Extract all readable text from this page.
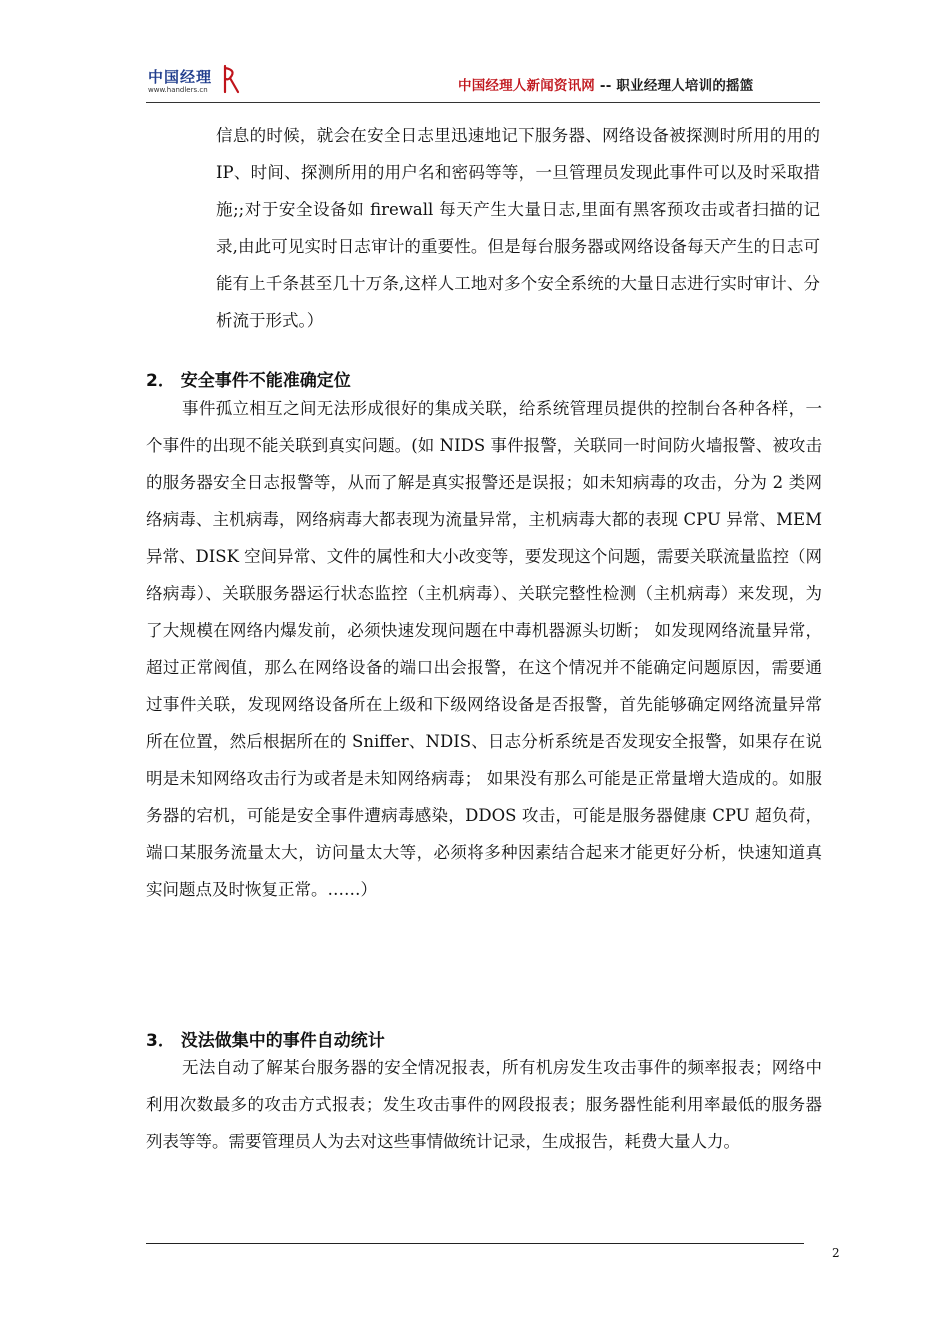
中国经理
www.handlers.cn	中国经理人新闻资讯网 -- 职业经理人培训的摇篮

信息的时候，就会在安全日志里迅速地记下服务器、网络设备被探测时所用的用的 IP、时间、探测所用的用户名和密码等等，一旦管理员发现此事件可以及时采取措施;;对于安全设备如 firewall 每天产生大量日志,里面有黑客预攻击或者扫描的记录,由此可见实时日志审计的重要性。但是每台服务器或网络设备每天产生的日志可能有上千条甚至几十万条,这样人工地对多个安全系统的大量日志进行实时审计、分析流于形式。）

2． 安全事件不能准确定位

事件孤立相互之间无法形成很好的集成关联，给系统管理员提供的控制台各种各样，一个事件的出现不能关联到真实问题。(如 NIDS 事件报警，关联同一时间防火墙报警、被攻击的服务器安全日志报警等，从而了解是真实报警还是误报；如未知病毒的攻击，分为 2 类网络病毒、主机病毒，网络病毒大都表现为流量异常，主机病毒大都的表现 CPU 异常、MEM 异常、DISK 空间异常、文件的属性和大小改变等，要发现这个问题，需要关联流量监控（网络病毒）、关联服务器运行状态监控（主机病毒）、关联完整性检测（主机病毒）来发现，为了大规模在网络内爆发前，必须快速发现问题在中毒机器源头切断； 如发现网络流量异常，超过正常阀值，那么在网络设备的端口出会报警，在这个情况并不能确定问题原因，需要通过事件关联，发现网络设备所在上级和下级网络设备是否报警，首先能够确定网络流量异常所在位置，然后根据所在的 Sniffer、NDIS、日志分析系统是否发现安全报警，如果存在说明是未知网络攻击行为或者是未知网络病毒； 如果没有那么可能是正常量增大造成的。如服务器的宕机，可能是安全事件遭病毒感染，DDOS 攻击，可能是服务器健康 CPU 超负荷，端口某服务流量太大，访问量太大等，必须将多种因素结合起来才能更好分析，快速知道真实问题点及时恢复正常。……）

3． 没法做集中的事件自动统计

无法自动了解某台服务器的安全情况报表，所有机房发生攻击事件的频率报表；网络中利用次数最多的攻击方式报表；发生攻击事件的网段报表；服务器性能利用率最低的服务器列表等等。需要管理员人为去对这些事情做统计记录，生成报告，耗费大量人力。

2
